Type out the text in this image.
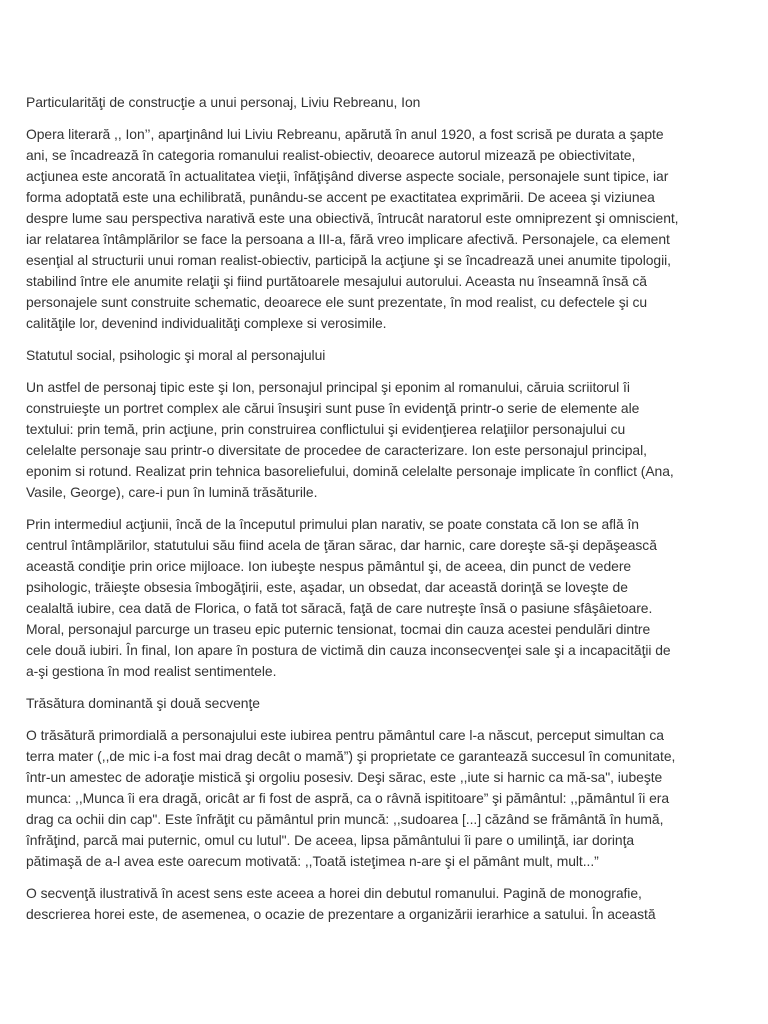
Particularităţi de construcţie a unui personaj, Liviu Rebreanu, Ion

Opera literară ,, Ion’’, aparţinând lui Liviu Rebreanu, apărută în anul 1920, a fost scrisă pe durata a şapte
ani, se încadrează în categoria romanului realist-obiectiv, deoarece autorul mizează pe obiectivitate,
acţiunea este ancorată în actualitatea vieţii, înfăţişând diverse aspecte sociale, personajele sunt tipice, iar
forma adoptată este una echilibrată, punându-se accent pe exactitatea exprimării. De aceea şi viziunea
despre lume sau perspectiva narativă este una obiectivă, întrucât naratorul este omniprezent şi omniscient,
iar relatarea întâmplărilor se face la persoana a III-a, fără vreo implicare afectivă. Personajele, ca element
esenţial al structurii unui roman realist-obiectiv, participă la acţiune şi se încadrează unei anumite tipologii,
stabilind între ele anumite relaţii şi fiind purtătoarele mesajului autorului. Aceasta nu înseamnă însă că
personajele sunt construite schematic, deoarece ele sunt prezentate, în mod realist, cu defectele şi cu
calităţile lor, devenind individualităţi complexe si verosimile.

Statutul social, psihologic şi moral al personajului

Un astfel de personaj tipic este şi Ion, personajul principal şi eponim al romanului, căruia scriitorul îi
construieşte un portret complex ale cărui însuşiri sunt puse în evidenţă printr-o serie de elemente ale
textului: prin temă, prin acţiune, prin construirea conflictului şi evidenţierea relaţiilor personajului cu
celelalte personaje sau printr-o diversitate de procedee de caracterizare. Ion este personajul principal,
eponim si rotund. Realizat prin tehnica basoreliefului, domină celelalte personaje implicate în conflict (Ana,
Vasile, George), care-i pun în lumină trăsăturile.

Prin intermediul acţiunii, încă de la începutul primului plan narativ, se poate constata că Ion se află în
centrul întâmplărilor, statutului său fiind acela de ţăran sărac, dar harnic, care doreşte să-şi depăşească
această condiţie prin orice mijloace. Ion iubeşte nespus pământul şi, de aceea, din punct de vedere
psihologic, trăieşte obsesia îmbogăţirii, este, aşadar, un obsedat, dar această dorinţă se loveşte de
cealaltă iubire, cea dată de Florica, o fată tot săracă, faţă de care nutreşte însă o pasiune sfâşâietoare.
Moral, personajul parcurge un traseu epic puternic tensionat, tocmai din cauza acestei pendulări dintre
cele două iubiri. În final, Ion apare în postura de victimă din cauza inconsecvenţei sale şi a incapacităţii de
a-şi gestiona în mod realist sentimentele.

Trăsătura dominantă şi două secvenţe

O trăsătură primordială a personajului este iubirea pentru pământul care l-a născut, perceput simultan ca
terra mater (,,de mic i-a fost mai drag decât o mamă”) şi proprietate ce garantează succesul în comunitate,
într-un amestec de adoraţie mistică şi orgoliu posesiv. Deşi sărac, este ,,iute si harnic ca mă-sa", iubeşte
munca: ,,Munca îi era dragă, oricât ar fi fost de aspră, ca o râvnă ispititoare” şi pământul: ,,pământul îi era
drag ca ochii din cap". Este înfrăţit cu pământul prin muncă: ,,sudoarea [...] căzând se frământă în humă,
înfrăţind, parcă mai puternic, omul cu lutul". De aceea, lipsa pământului îi pare o umilinţă, iar dorinţa
pătimaşă de a-l avea este oarecum motivată: ,,Toată isteţimea n-are şi el pământ mult, mult...”

O secvenţă ilustrativă în acest sens este aceea a horei din debutul romanului. Pagină de monografie,
descrierea horei este, de asemenea, o ocazie de prezentare a organizării ierarhice a satului. În această
